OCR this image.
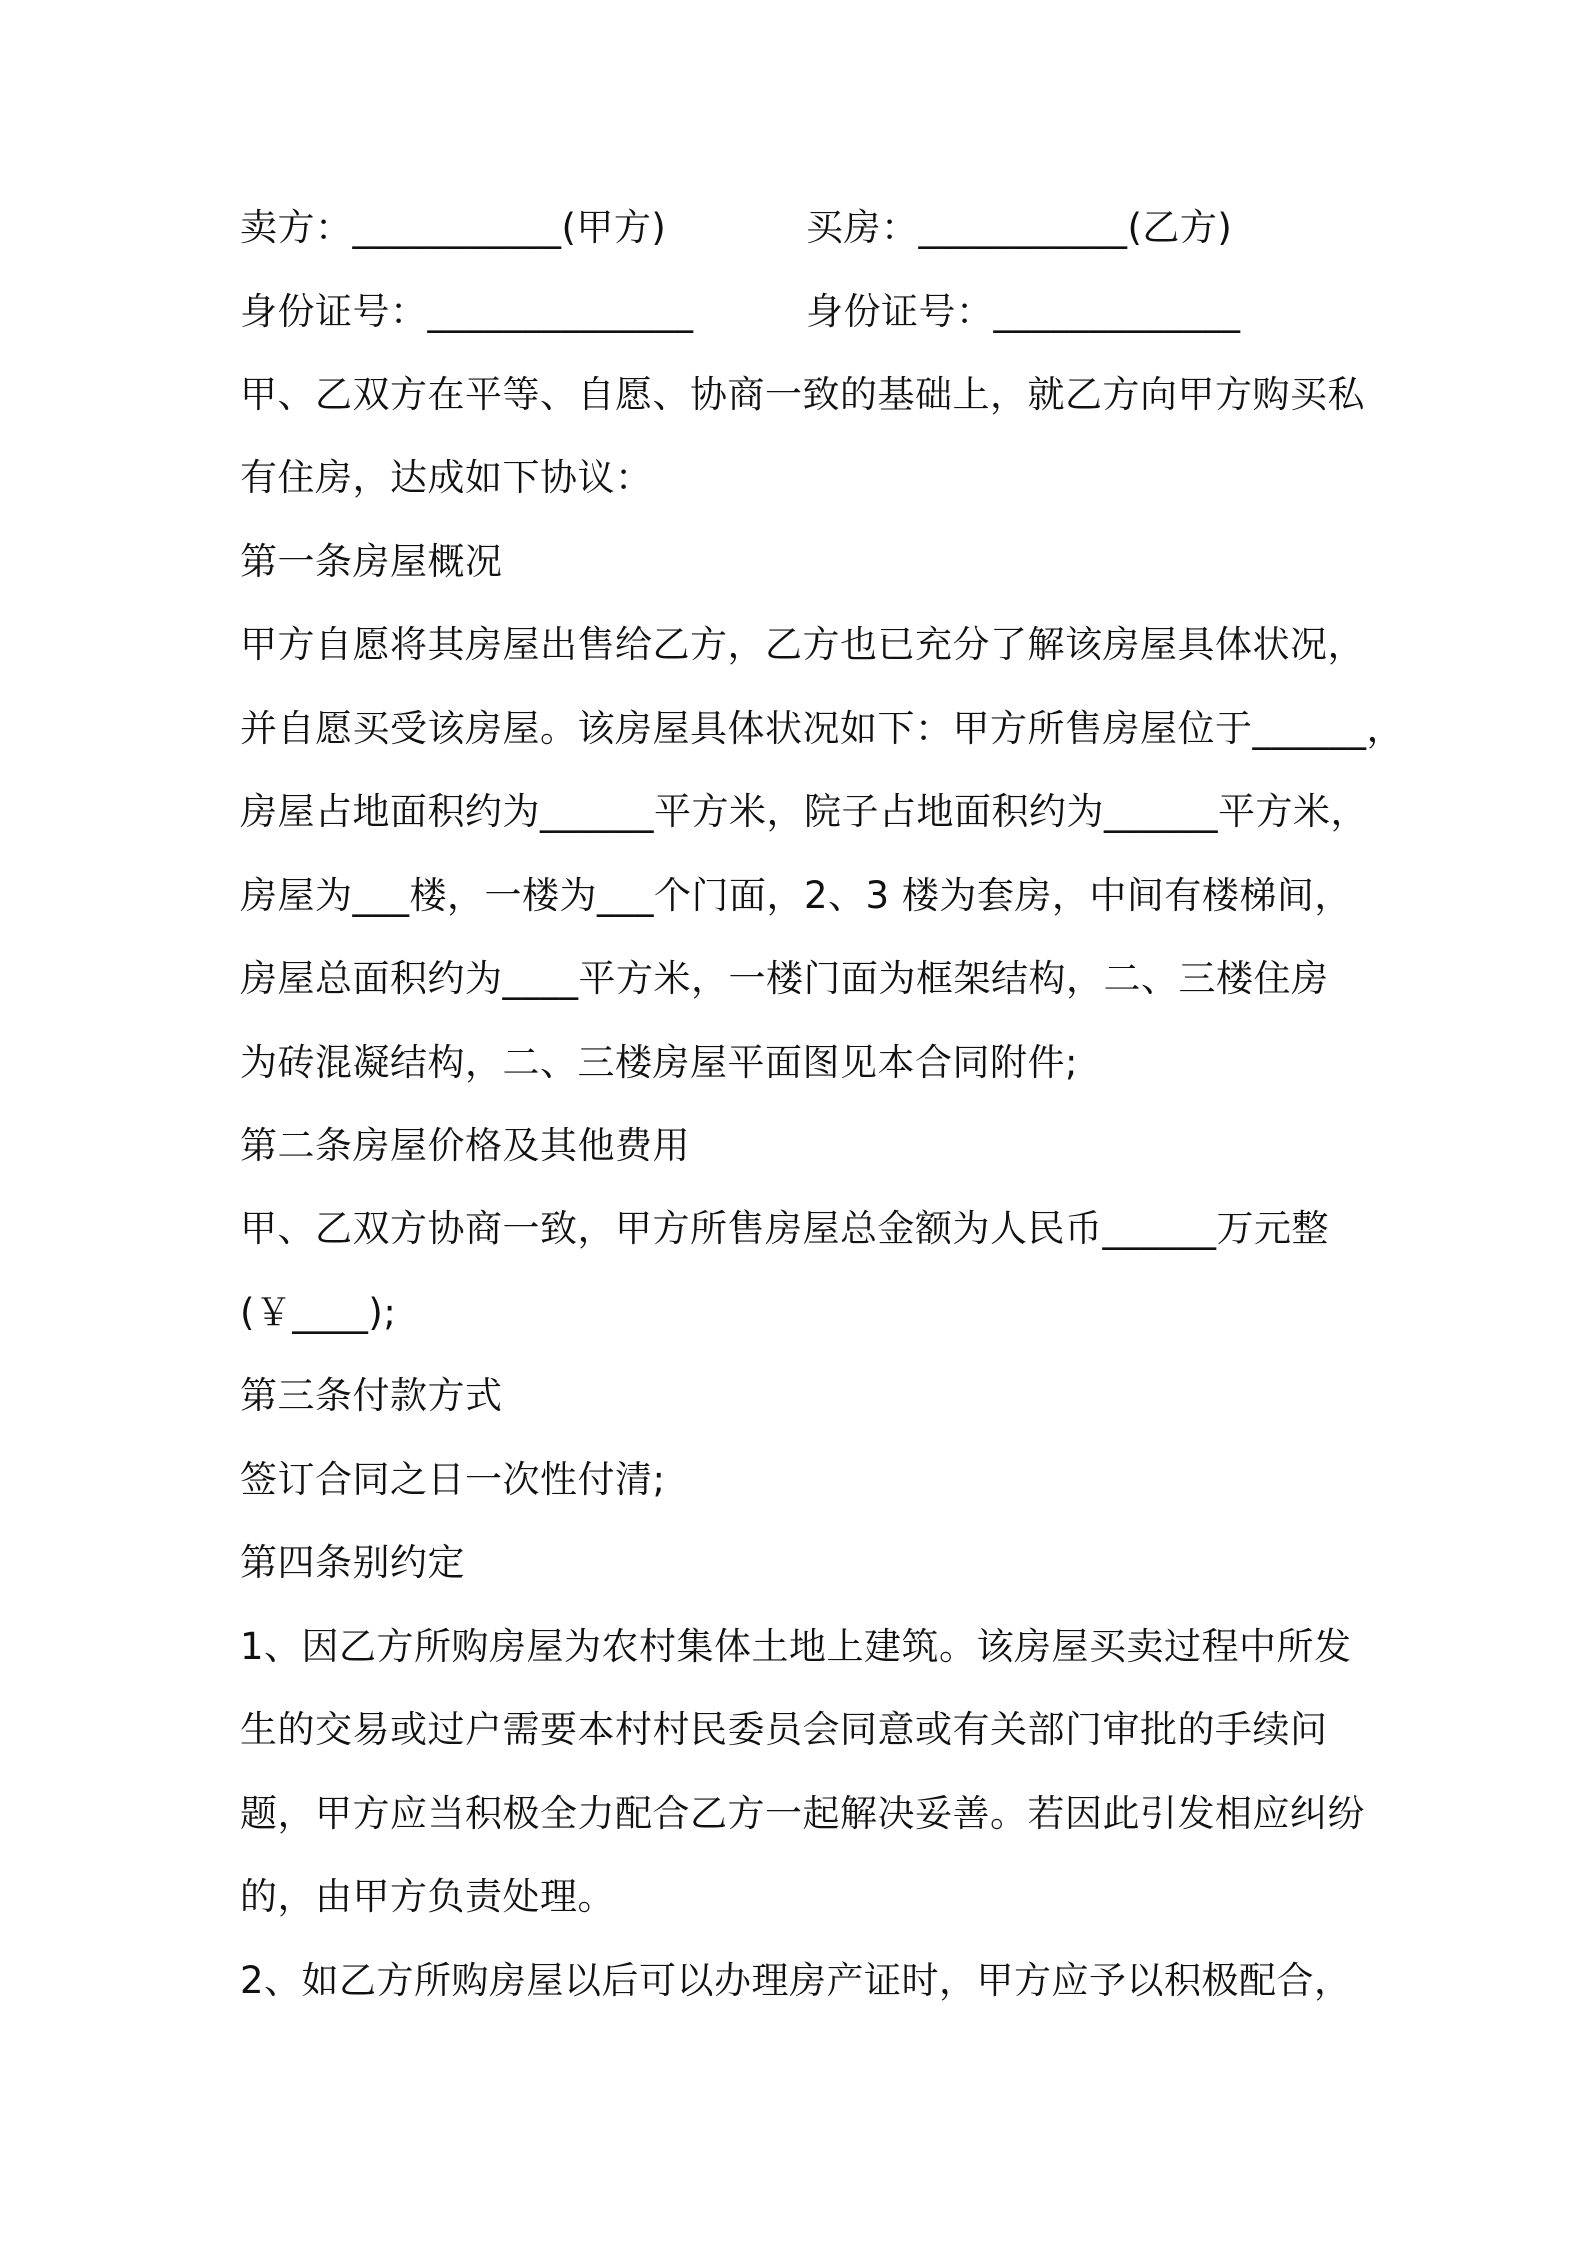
卖方：___________(甲方)	买房：___________(乙方)
身份证号：______________	身份证号：_____________
甲、乙双方在平等、自愿、协商一致的基础上，就乙方向甲方购买私
有住房，达成如下协议：
第一条房屋概况
甲方自愿将其房屋出售给乙方，乙方也已充分了解该房屋具体状况，
并自愿买受该房屋。该房屋具体状况如下：甲方所售房屋位于______，
房屋占地面积约为______平方米，院子占地面积约为______平方米，
房屋为___楼，一楼为___个门面，2、3 楼为套房，中间有楼梯间，
房屋总面积约为____平方米，一楼门面为框架结构，二、三楼住房
为砖混凝结构，二、三楼房屋平面图见本合同附件;
第二条房屋价格及其他费用
甲、乙双方协商一致，甲方所售房屋总金额为人民币______万元整
(￥____);
第三条付款方式
签订合同之日一次性付清;
第四条别约定
1、因乙方所购房屋为农村集体土地上建筑。该房屋买卖过程中所发
生的交易或过户需要本村村民委员会同意或有关部门审批的手续问
题，甲方应当积极全力配合乙方一起解决妥善。若因此引发相应纠纷
的，由甲方负责处理。
2、如乙方所购房屋以后可以办理房产证时，甲方应予以积极配合，
